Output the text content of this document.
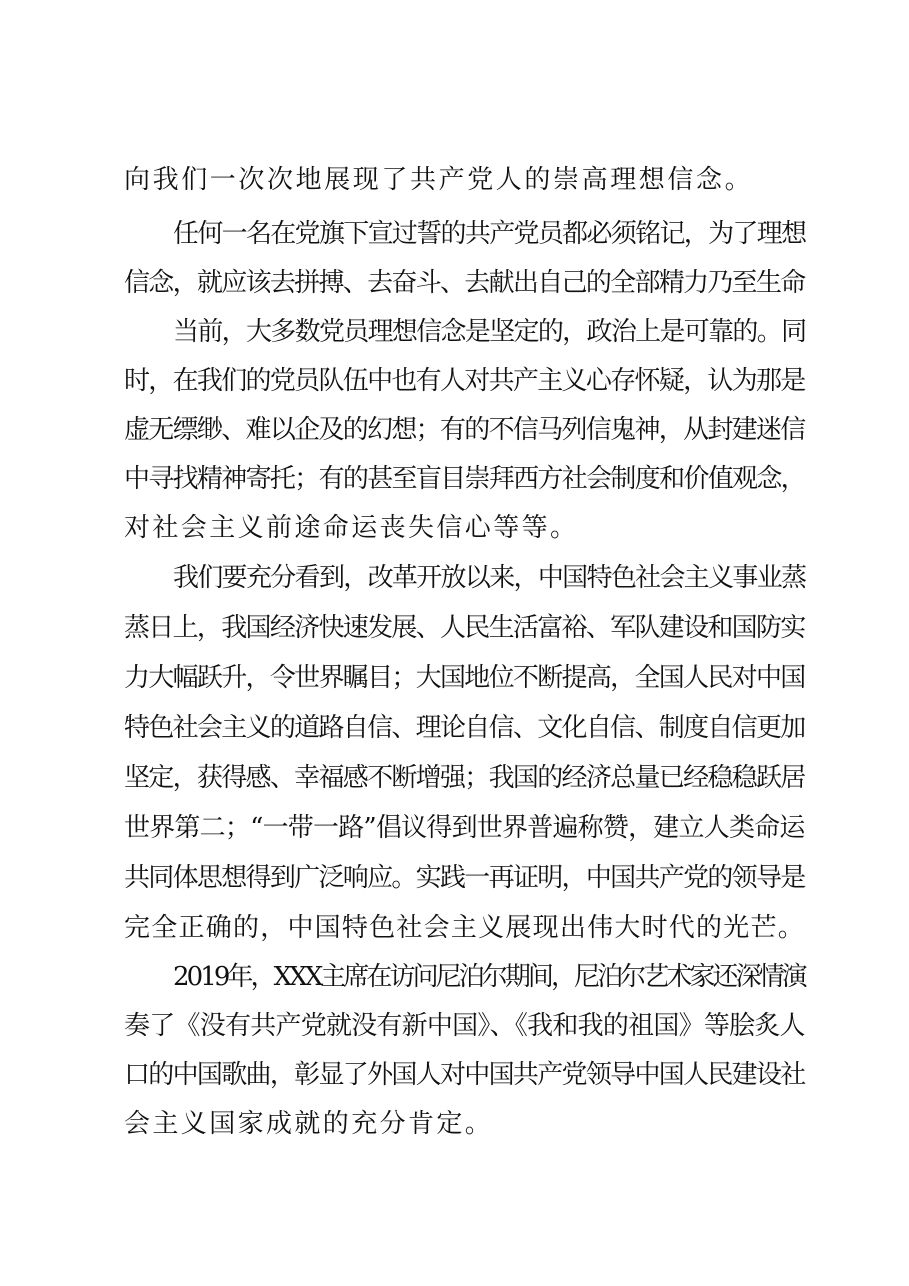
向我们一次次地展现了共产党人的崇高理想信念。
任何一名在党旗下宣过誓的共产党员都必须铭记，为了理想
信念，就应该去拼搏、去奋斗、去献出自己的全部精力乃至生命
当前，大多数党员理想信念是坚定的，政治上是可靠的。同
时，在我们的党员队伍中也有人对共产主义心存怀疑，认为那是
虚无缥缈、难以企及的幻想；有的不信马列信鬼神，从封建迷信
中寻找精神寄托；有的甚至盲目崇拜西方社会制度和价值观念，
对社会主义前途命运丧失信心等等。
我们要充分看到，改革开放以来，中国特色社会主义事业蒸
蒸日上，我国经济快速发展、人民生活富裕、军队建设和国防实
力大幅跃升，令世界瞩目；大国地位不断提高，全国人民对中国
特色社会主义的道路自信、理论自信、文化自信、制度自信更加
坚定，获得感、幸福感不断增强；我国的经济总量已经稳稳跃居
世界第二；“一带一路”倡议得到世界普遍称赞，建立人类命运
共同体思想得到广泛响应。实践一再证明，中国共产党的领导是
完全正确的，中国特色社会主义展现出伟大时代的光芒。
2019年，XXX主席在访问尼泊尔期间，尼泊尔艺术家还深情演
奏了《没有共产党就没有新中国》、《我和我的祖国》等脍炙人
口的中国歌曲，彰显了外国人对中国共产党领导中国人民建设社
会主义国家成就的充分肯定。
